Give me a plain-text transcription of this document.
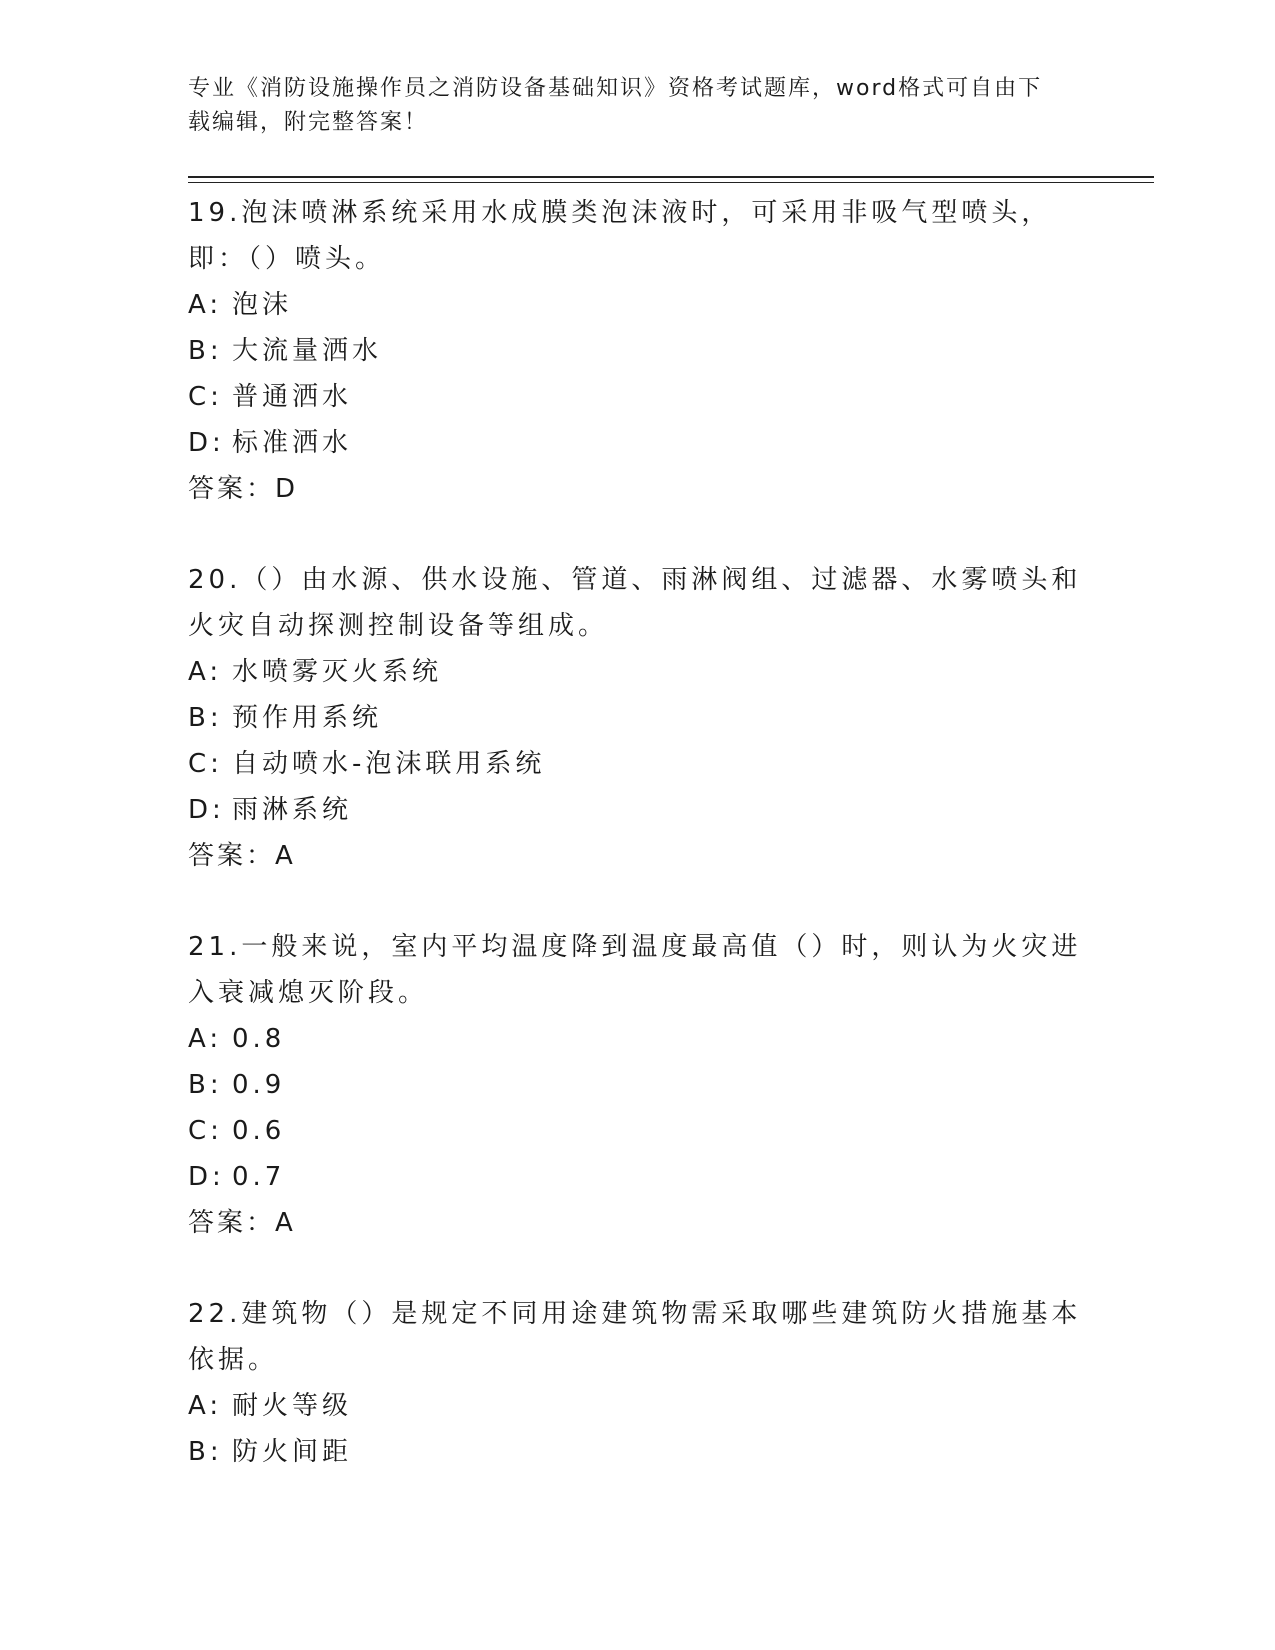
专业《消防设施操作员之消防设备基础知识》资格考试题库，word格式可自由下
载编辑，附完整答案！

19.泡沫喷淋系统采用水成膜类泡沫液时，可采用非吸气型喷头，即：（）喷头。

A: 泡沫
B: 大流量洒水
C: 普通洒水
D: 标准洒水
答案：D

20.（）由水源、供水设施、管道、雨淋阀组、过滤器、水雾喷头和火灾自动探测控制设备等组成。

A: 水喷雾灭火系统
B: 预作用系统
C: 自动喷水-泡沫联用系统
D: 雨淋系统
答案：A

21.一般来说，室内平均温度降到温度最高值（）时，则认为火灾进入衰减熄灭阶段。

A: 0.8
B: 0.9
C: 0.6
D: 0.7
答案：A

22.建筑物（）是规定不同用途建筑物需采取哪些建筑防火措施基本依据。

A: 耐火等级
B: 防火间距
